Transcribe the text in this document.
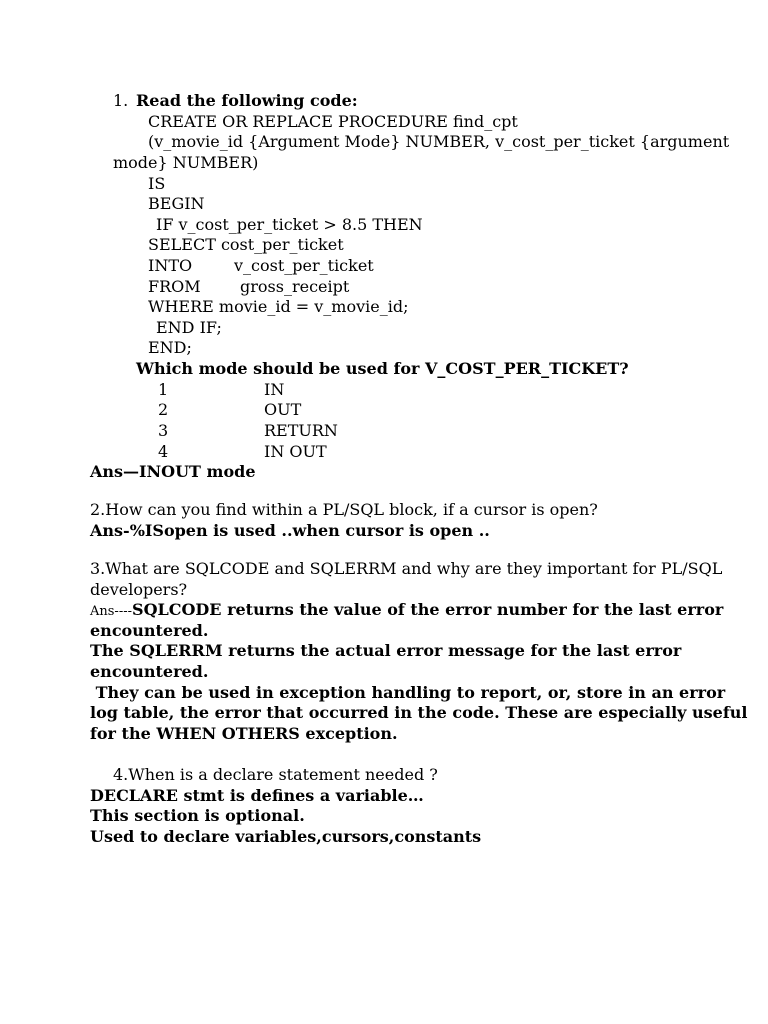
1. Read the following code:
CREATE OR REPLACE PROCEDURE find_cpt
(v_movie_id {Argument Mode} NUMBER, v_cost_per_ticket {argument
mode} NUMBER)
IS
BEGIN
IF v_cost_per_ticket > 8.5 THEN
SELECT cost_per_ticket
INTO	v_cost_per_ticket
FROM gross_receipt
WHERE movie_id = v_movie_id;
END IF;
END;
Which mode should be used for V_COST_PER_TICKET?
1	IN
2	OUT
3	RETURN
4	IN OUT
Ans—INOUT mode
2.How can you find within a PL/SQL block, if a cursor is open?
Ans-%ISopen is used ..when cursor is open ..
3.What are SQLCODE and SQLERRM and why are they important for PL/SQL
developers?
Ans----SQLCODE returns the value of the error number for the last error
encountered.
The SQLERRM returns the actual error message for the last error
encountered.
They can be used in exception handling to report, or, store in an error
log table, the error that occurred in the code. These are especially useful
for the WHEN OTHERS exception.
4.When is a declare statement needed ?
DECLARE stmt is defines a variable…
This section is optional.
Used to declare variables,cursors,constants
